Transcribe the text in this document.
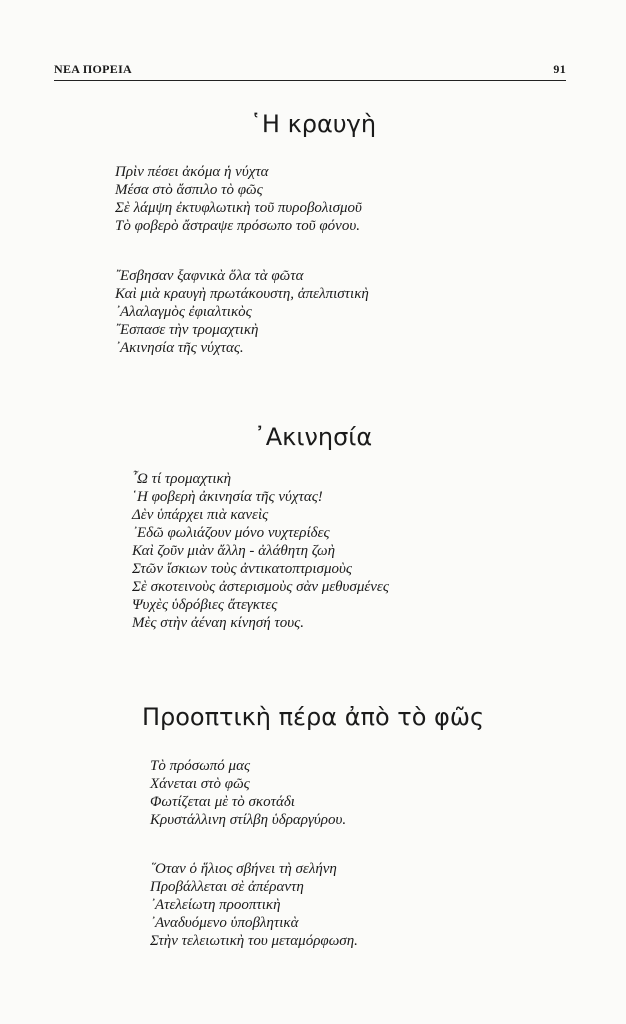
ΝΕΑ ΠΟΡΕΙΑ	91
῾Η κραυγὴ
Πρὶν πέσει ἀκόμα ἡ νύχτα
Μέσα στὸ ἄσπιλο τὸ φῶς
Σὲ λάμψη ἐκτυφλωτικὴ τοῦ πυροβολισμοῦ
Τὸ φοβερὸ ἄστραψε πρόσωπο τοῦ φόνου.
῎Εσβησαν ξαφνικὰ ὅλα τὰ φῶτα
Καὶ μιὰ κραυγὴ πρωτάκουστη, ἀπελπιστικὴ
᾽Αλαλαγμὸς ἐφιαλτικὸς
῎Εσπασε τὴν τρομαχτικὴ
᾽Ακινησία τῆς νύχτας.
᾽Ακινησία
῏Ω τί τρομαχτικὴ
῾Η φοβερὴ ἀκινησία τῆς νύχτας!
Δὲν ὑπάρχει πιὰ κανεὶς
᾽Εδῶ φωλιάζουν μόνο νυχτερίδες
Καὶ ζοῦν μιὰν ἄλλη - ἀλάθητη ζωὴ
Στῶν ἴσκιων τοὺς ἀντικατοπτρισμοὺς
Σὲ σκοτεινοὺς ἀστερισμοὺς σὰν μεθυσμένες
Ψυχὲς ὑδρόβιες ἄτεγκτες
Μὲς στὴν ἀέναη κίνησή τους.
Προοπτικὴ πέρα ἀπὸ τὸ φῶς
Τὸ πρόσωπό μας
Χάνεται στὸ φῶς
Φωτίζεται μὲ τὸ σκοτάδι
Κρυστάλλινη στίλβη ὑδραργύρου.
῞Οταν ὁ ἥλιος σβήνει τὴ σελήνη
Προβάλλεται σὲ ἀπέραντη
᾽Ατελείωτη προοπτικὴ
᾽Αναδυόμενο ὑποβλητικὰ
Στὴν τελειωτικὴ του μεταμόρφωση.
